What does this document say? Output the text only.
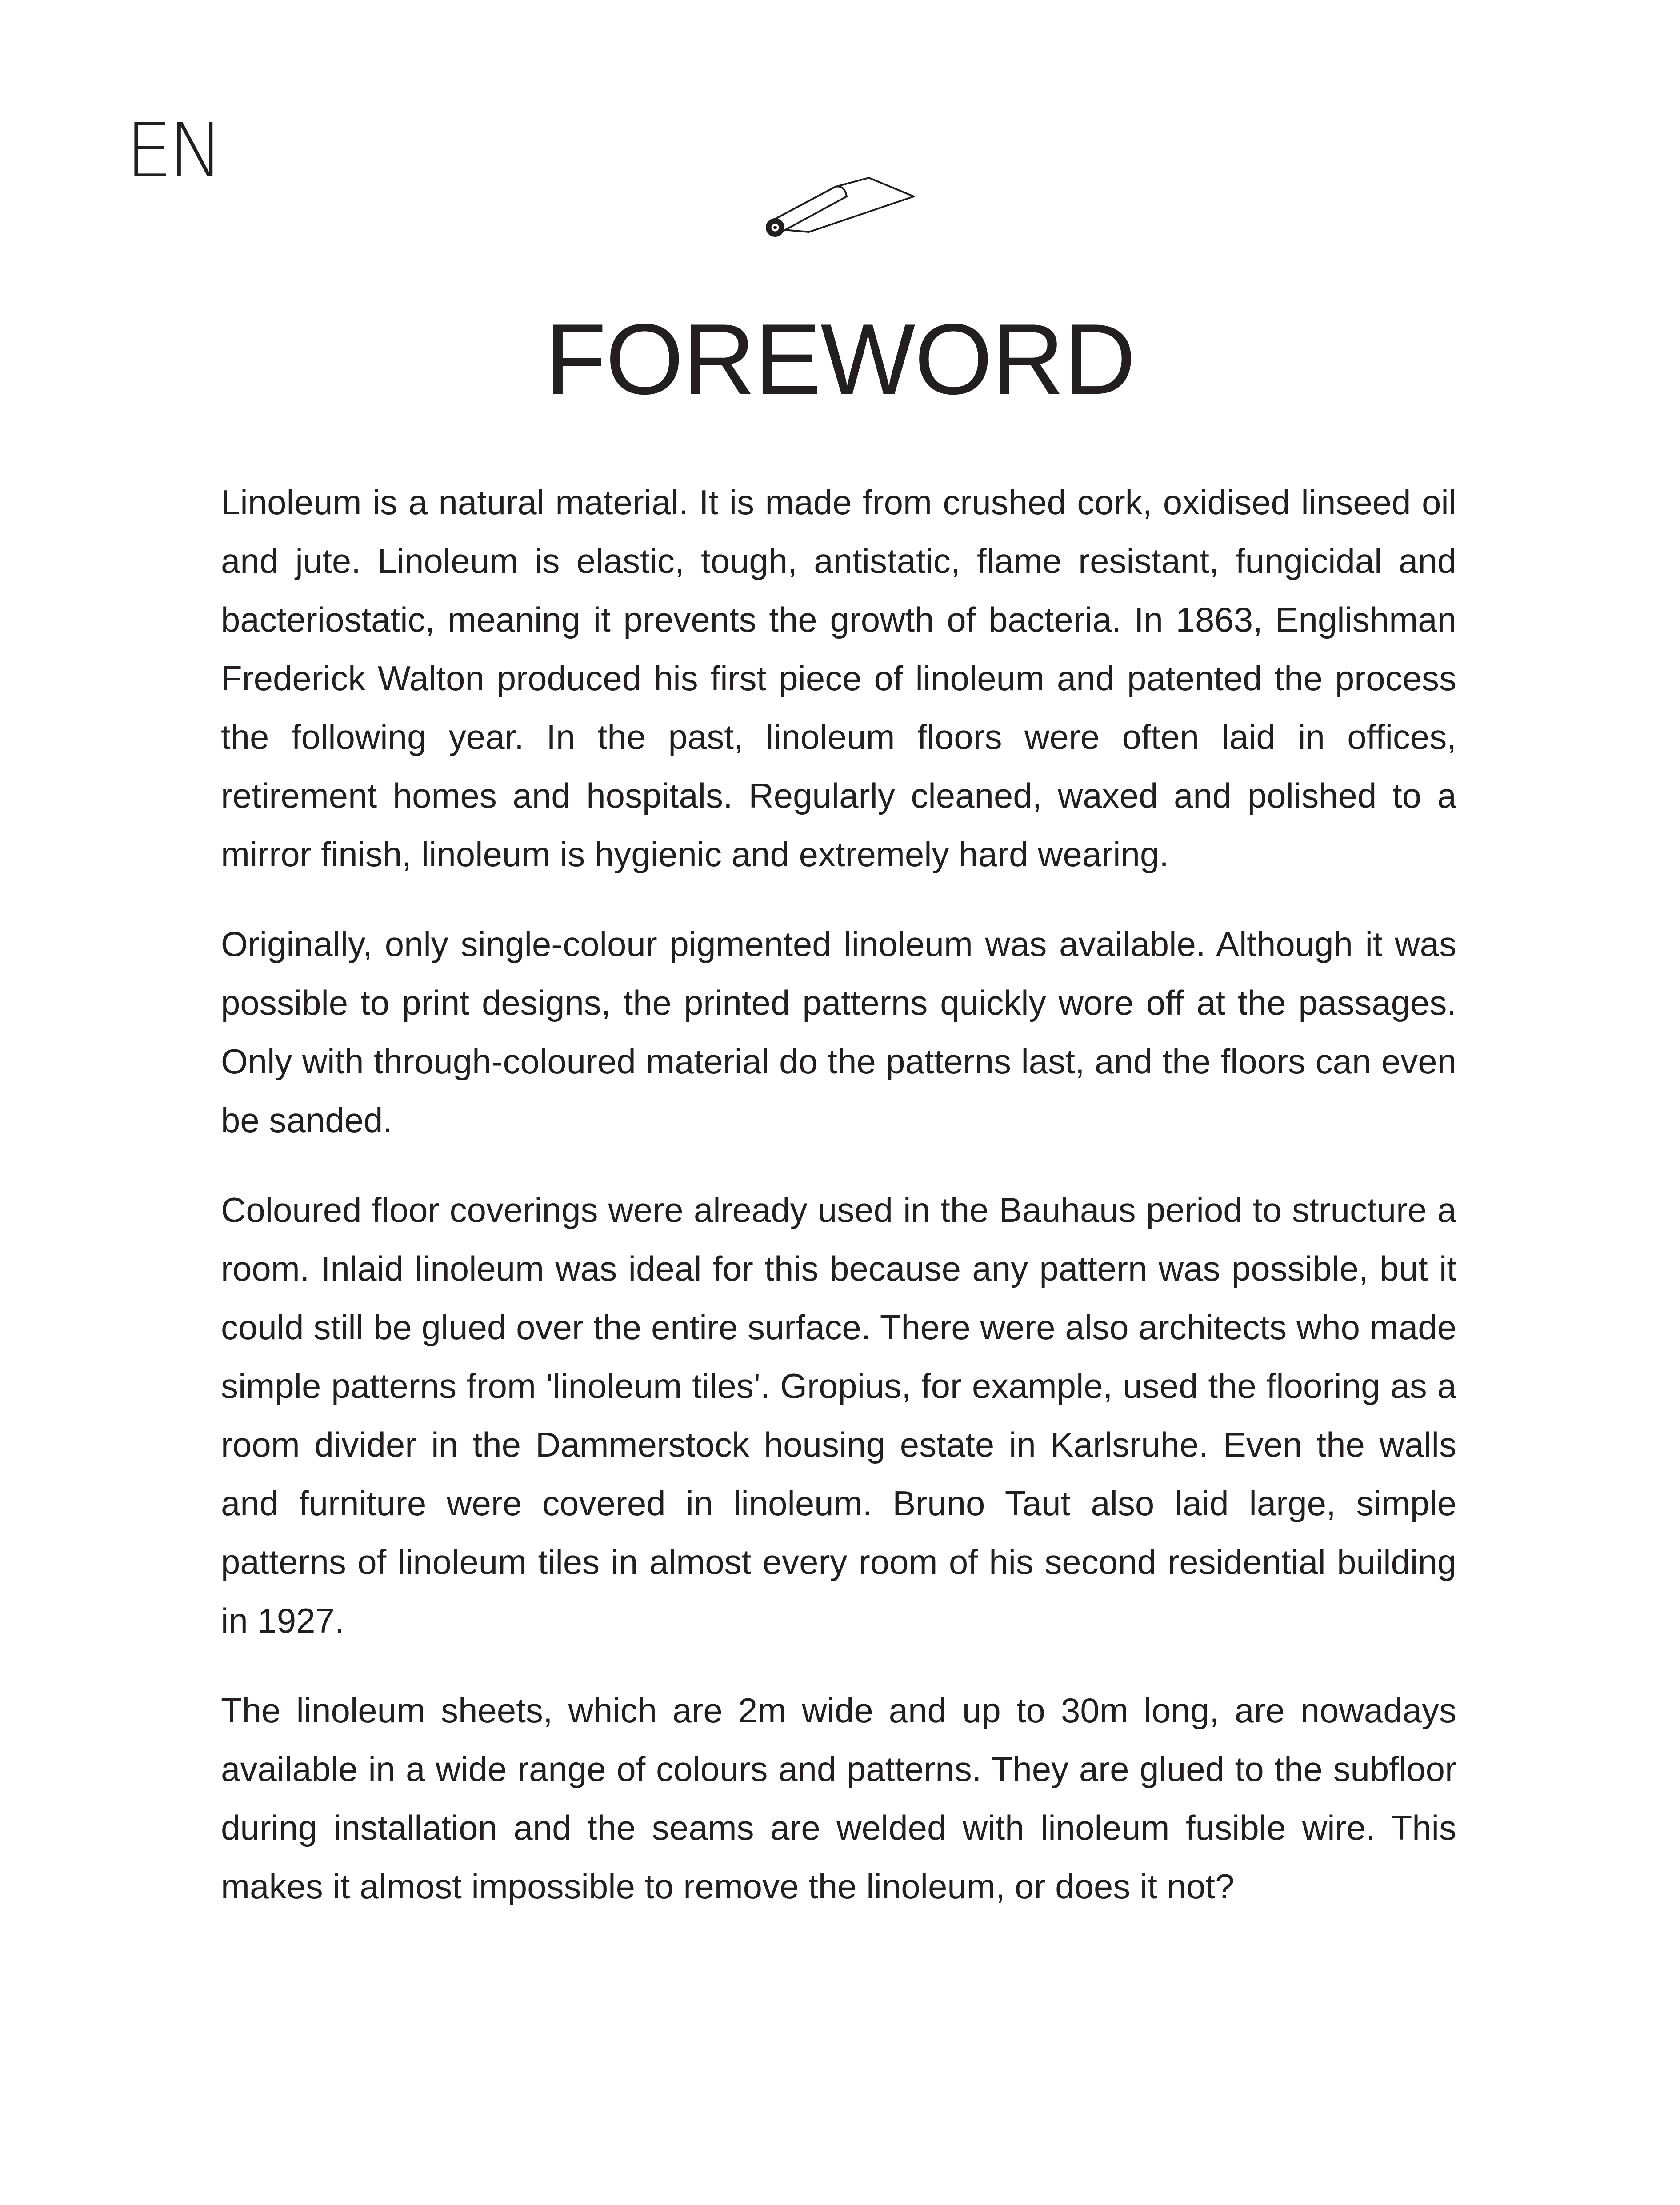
EN
FOREWORD

Linoleum is a natural material. It is made from crushed cork, oxidised linseed oil and jute. Linoleum is elastic, tough, antistatic, flame resistant, fungicidal and bacteriostatic, meaning it prevents the growth of bacteria. In 1863, Englishman Frederick Walton produced his first piece of linoleum and patented the process the following year. In the past, linoleum floors were often laid in offices, retirement homes and hospitals. Regularly cleaned, waxed and polished to a mirror finish, linoleum is hygienic and extremely hard wearing.

Originally, only single-colour pigmented linoleum was available. Although it was possible to print designs, the printed patterns quickly wore off at the passages. Only with through-coloured material do the patterns last, and the floors can even be sanded.

Coloured floor coverings were already used in the Bauhaus period to structure a room. Inlaid linoleum was ideal for this because any pattern was possible, but it could still be glued over the entire surface. There were also architects who made simple patterns from 'linoleum tiles'. Gropius, for example, used the flooring as a room divider in the Dammerstock housing estate in Karlsruhe. Even the walls and furniture were covered in linoleum. Bruno Taut also laid large, simple patterns of linoleum tiles in almost every room of his second residential building in 1927.

The linoleum sheets, which are 2m wide and up to 30m long, are nowadays available in a wide range of colours and patterns. They are glued to the subfloor during installation and the seams are welded with linoleum fusible wire. This makes it almost impossible to remove the linoleum, or does it not?
